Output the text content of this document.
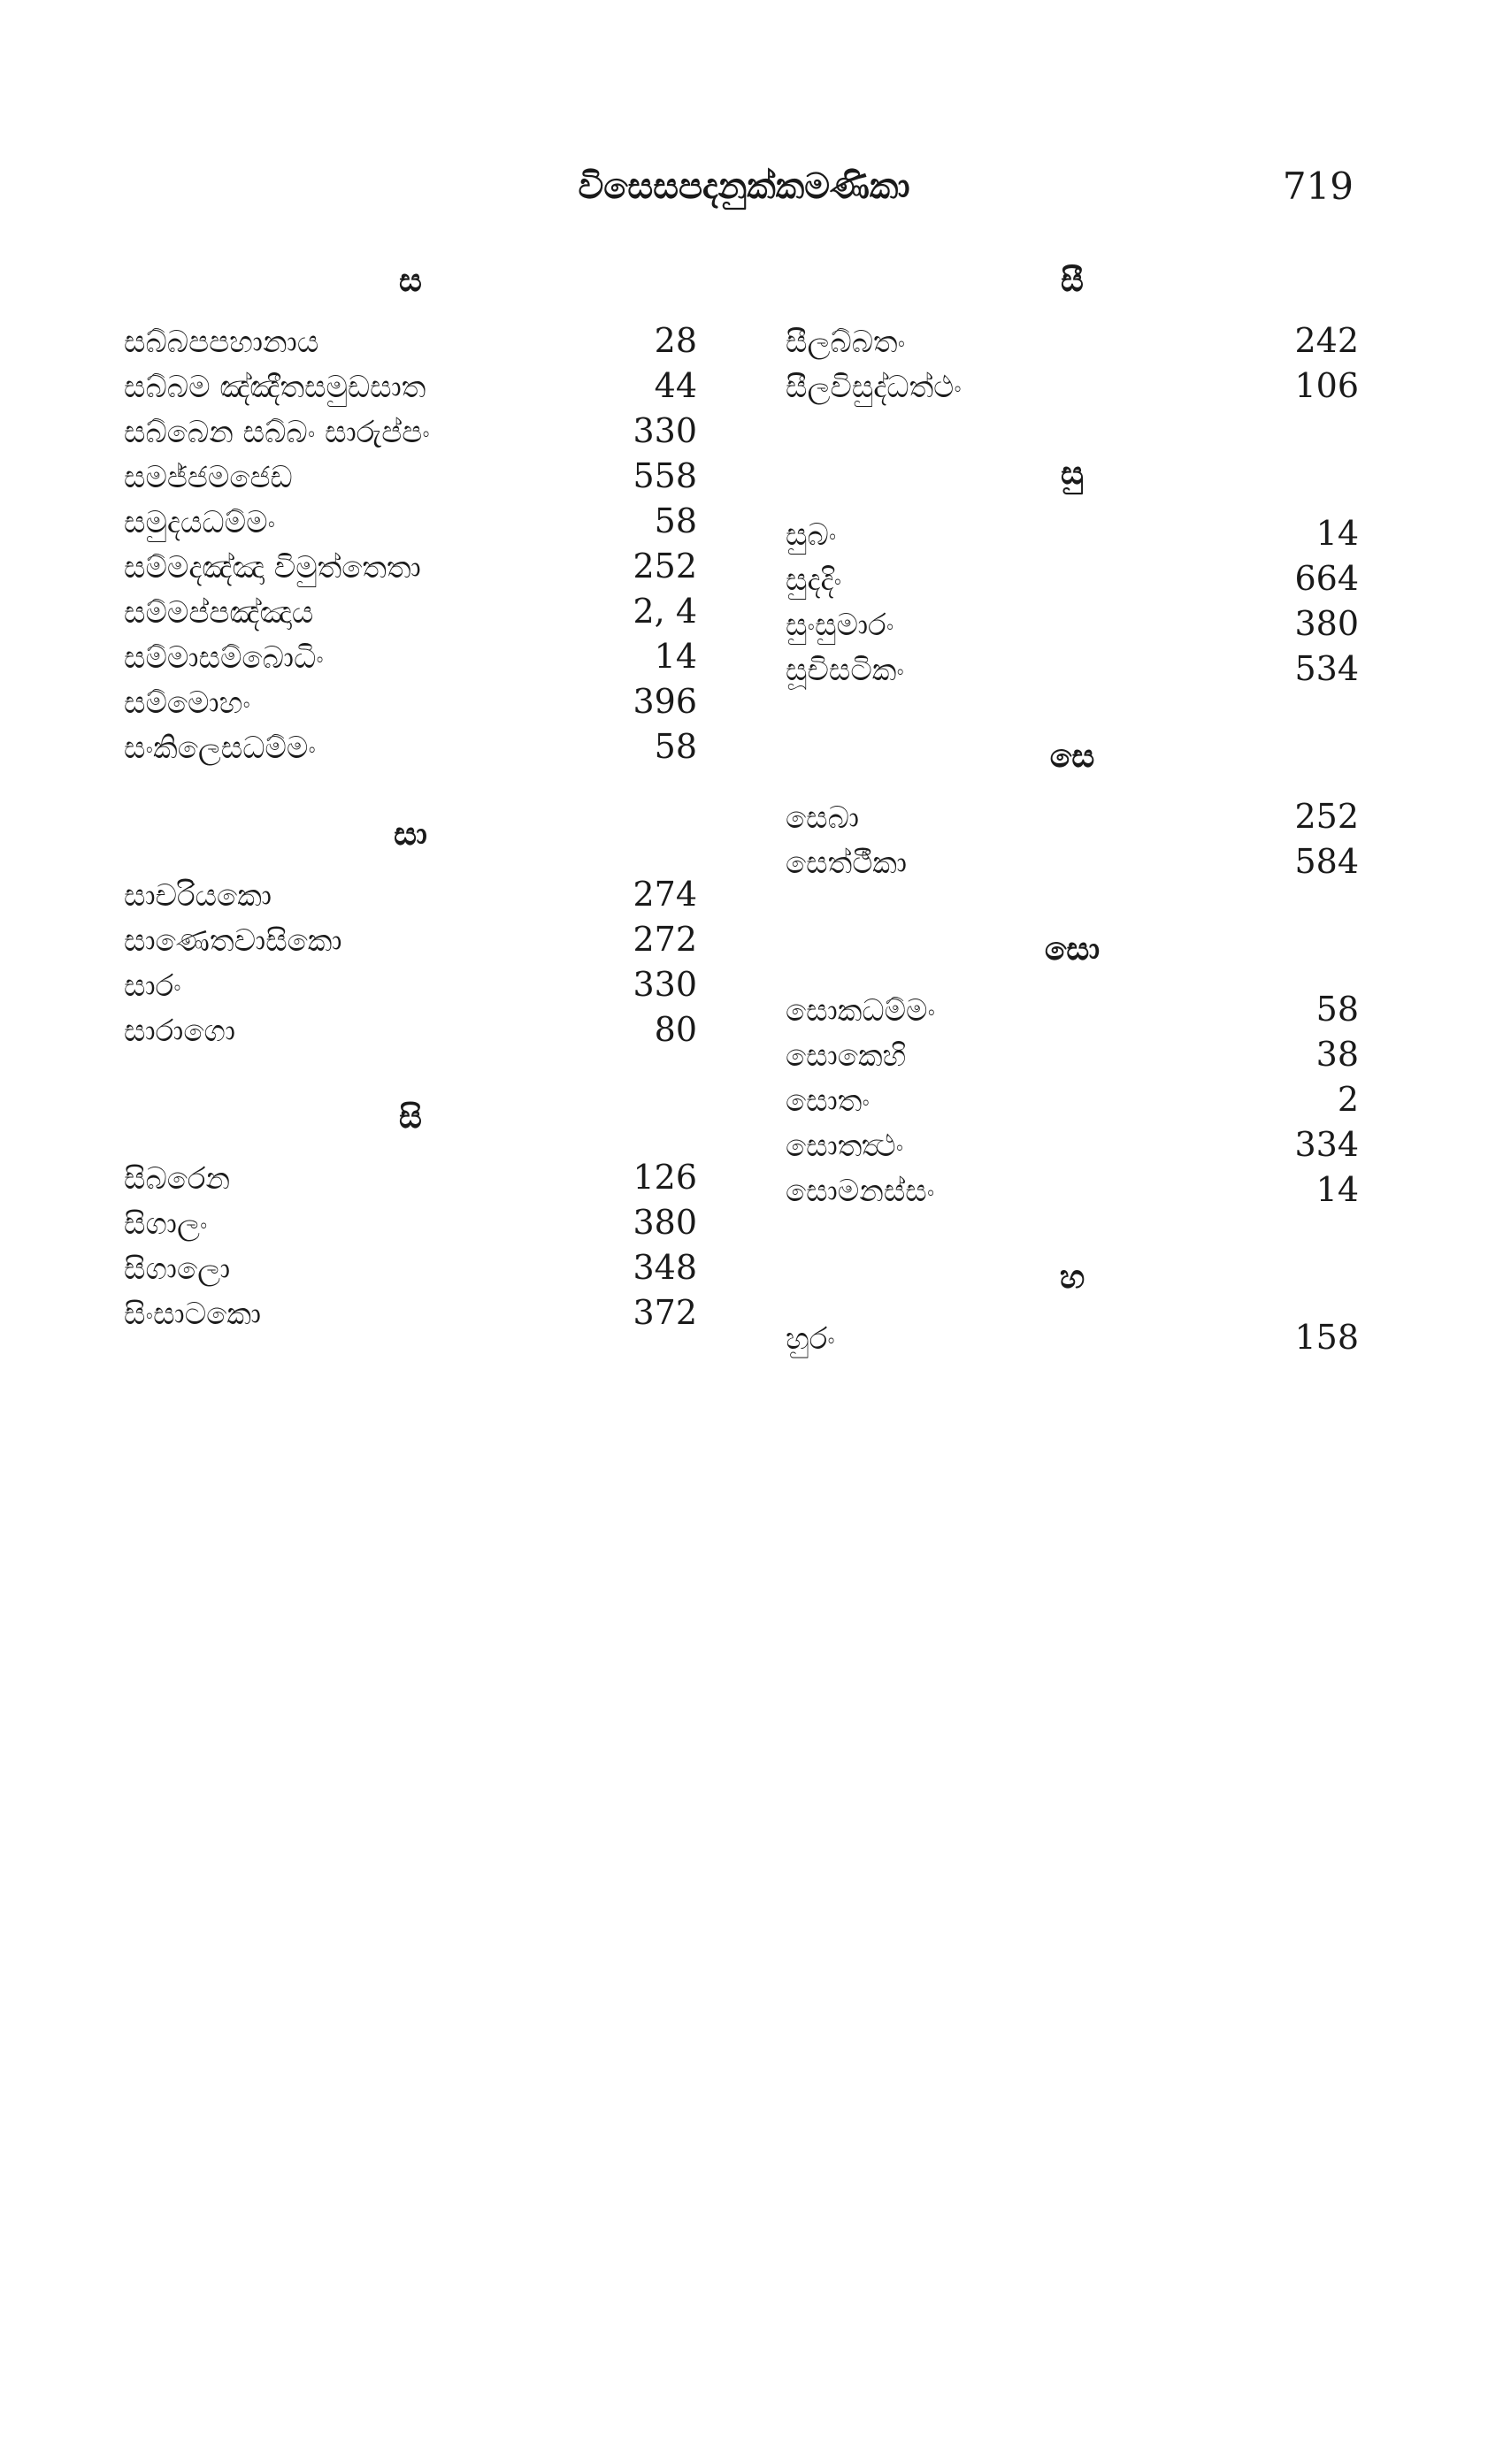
විසෙසපදනුක්කමණිකා	719
ස
සබ්බපපහානාය	28
සබ්බම ඤ්ඤීතසමුඩසාත	44
සබ්බෙන සබ්බං සාරුප්පං	330
සමජ්ජමජෙඩ	558
සමුදයධම්මං	58
සම්මදඤ්ඤා විමුත්තෙතා	252
සම්මප්පඤ්ඤාය	2, 4
සම්මාසම්බොධිං	14
සම්මොහං	396
සංකිලෙසධම්මං	58
සා
සාචරියකො	274
සාණෙතවාසිකො	272
සාරං	330
සාරාගො	80
සි
සිබරෙන	126
සිගාලං	380
සිගාලො	348
සිංසාටකො	372
සී
සීලබ්බතං	242
සීලවිසුද්ධත්ථං	106
සු
සුබං	14
සුදදිං	664
සුංසුමාරං	380
සූචිසටිකං	534
සෙ
සෙබා	252
සෙත්ථීකා	584
සො
සොකධම්මං	58
සොකෙහි	38
සොතං	2
සොතත්‍ථං	334
සොමනස්සං	14
හ
හුරං	158
